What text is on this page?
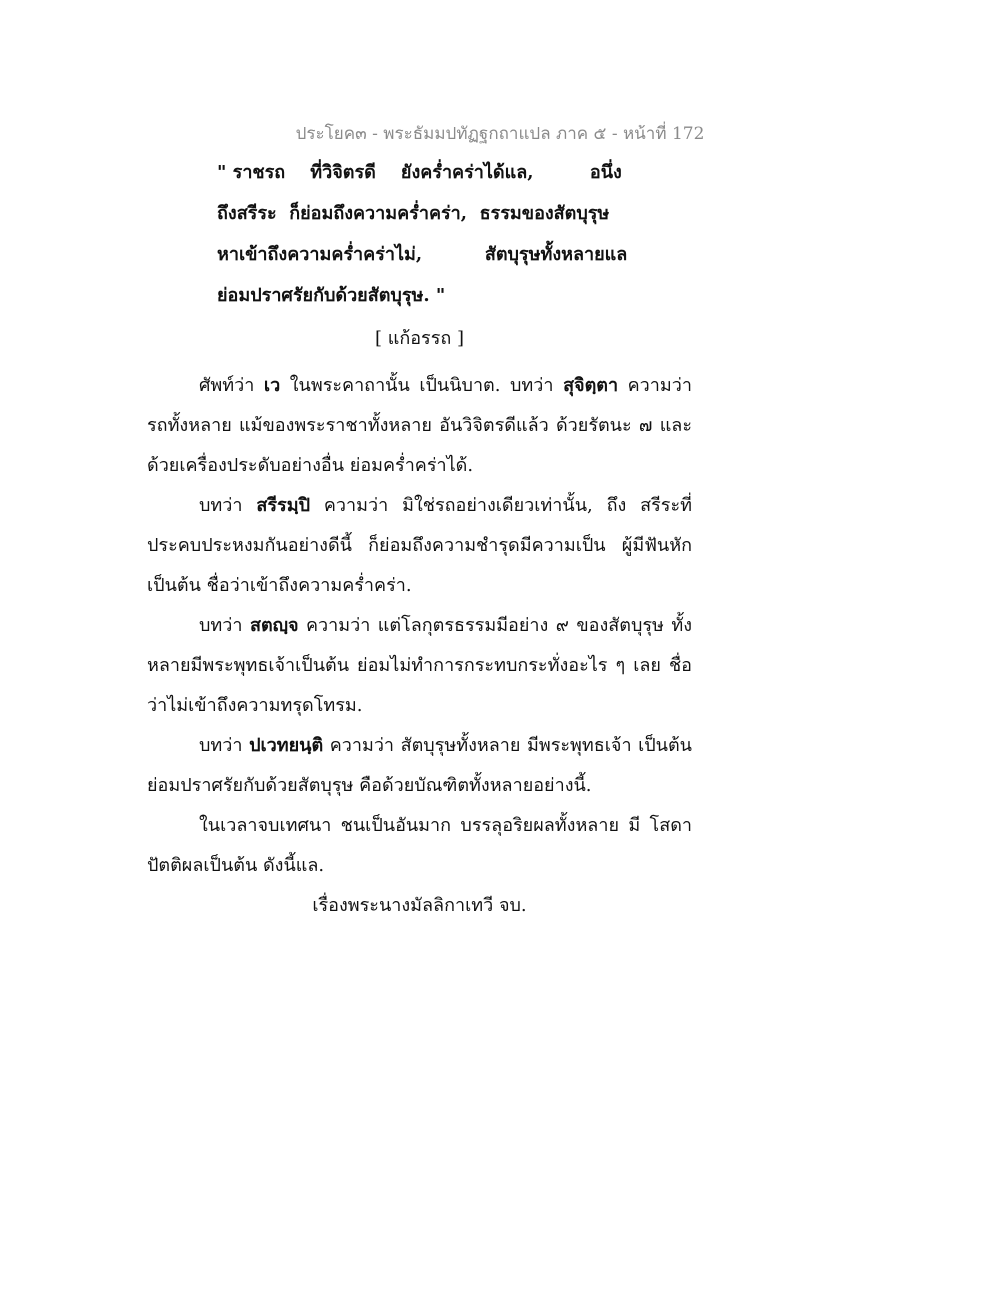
ประโยค๓ - พระธัมมปทัฏฐกถาแปล ภาค ๕ - หน้าที่ 172
" ราชรถ    ที่วิจิตรดี    ยังคร่ำคร่าได้แล,         อนึ่ง
ถึงสรีระ  ก็ย่อมถึงความคร่ำคร่า,  ธรรมของสัตบุรุษ
หาเข้าถึงความคร่ำคร่าไม่,          สัตบุรุษทั้งหลายแล
ย่อมปราศรัยกับด้วยสัตบุรุษ. "
[ แก้อรรถ ]

ศัพท์ว่า เว ในพระคาถานั้น เป็นนิบาต. บทว่า สุจิตฺตา ความว่า รถทั้งหลาย แม้ของพระราชาทั้งหลาย อันวิจิตรดีแล้ว ด้วยรัตนะ ๗ และด้วยเครื่องประดับอย่างอื่น ย่อมคร่ำคร่าได้.

บทว่า สรีรมฺปิ ความว่า มิใช่รถอย่างเดียวเท่านั้น, ถึง สรีระที่ประคบประหงมกันอย่างดีนี้ ก็ย่อมถึงความชำรุดมีความเป็น ผู้มีฟันหักเป็นต้น ชื่อว่าเข้าถึงความคร่ำคร่า.

บทว่า สตญฺจ ความว่า แต่โลกุตรธรรมมีอย่าง ๙ ของสัตบุรุษ ทั้งหลายมีพระพุทธเจ้าเป็นต้น ย่อมไม่ทำการกระทบกระทั่งอะไร ๆ เลย ชื่อว่าไม่เข้าถึงความทรุดโทรม.

บทว่า ปเวทยนฺติ ความว่า สัตบุรุษทั้งหลาย มีพระพุทธเจ้า เป็นต้น ย่อมปราศรัยกับด้วยสัตบุรุษ คือด้วยบัณฑิตทั้งหลายอย่างนี้.

ในเวลาจบเทศนา ชนเป็นอันมาก บรรลุอริยผลทั้งหลาย มี โสดาปัตติผลเป็นต้น ดังนี้แล.

เรื่องพระนางมัลลิกาเทวี จบ.
